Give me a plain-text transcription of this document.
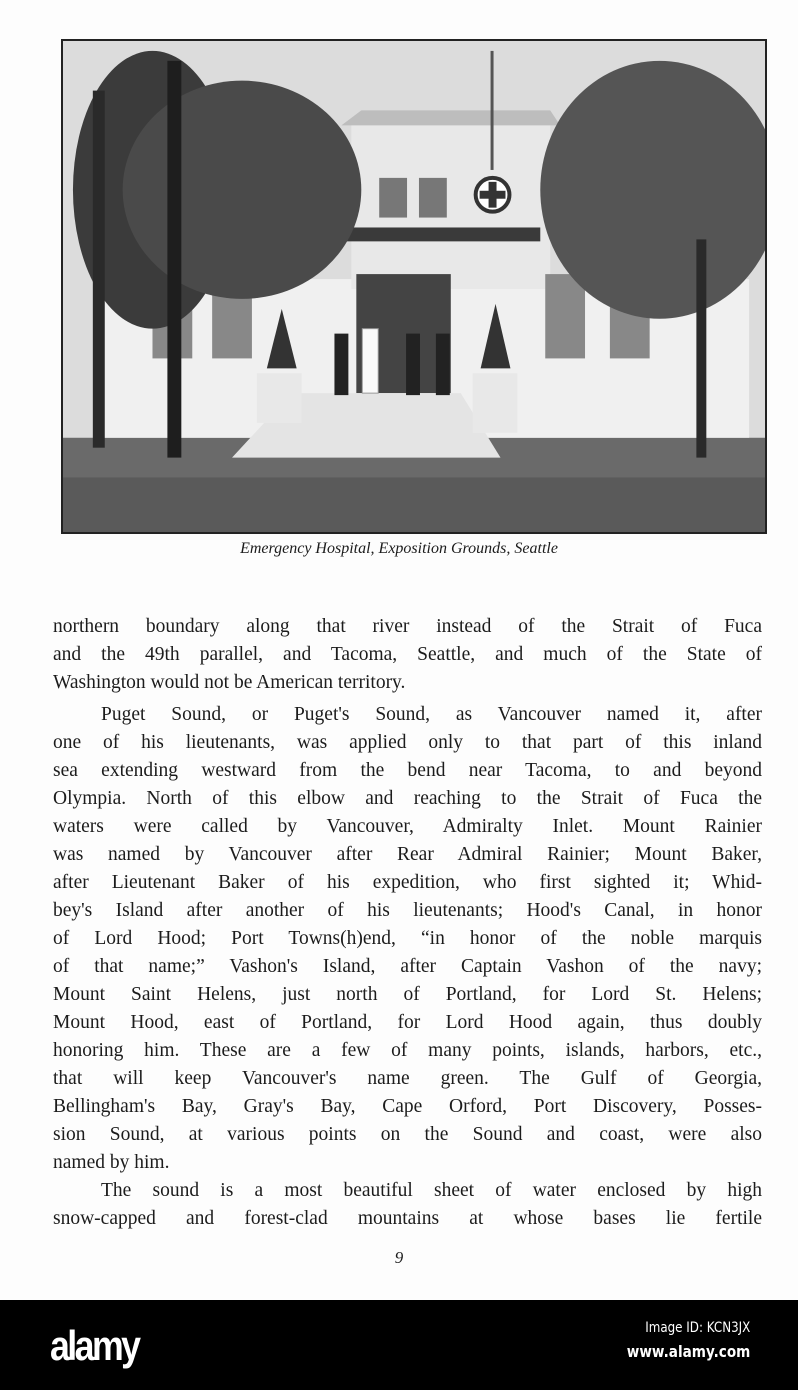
Emergency Hospital, Exposition Grounds, Seattle
northern boundary along that river instead of the Strait of Fuca
and the 49th parallel, and Tacoma, Seattle, and much of the State of
Washington would not be American territory.
Puget Sound, or Puget's Sound, as Vancouver named it, after
one of his lieutenants, was applied only to that part of this inland
sea extending westward from the bend near Tacoma, to and beyond
Olympia. North of this elbow and reaching to the Strait of Fuca the
waters were called by Vancouver, Admiralty Inlet. Mount Rainier
was named by Vancouver after Rear Admiral Rainier; Mount Baker,
after Lieutenant Baker of his expedition, who first sighted it; Whid-
bey's Island after another of his lieutenants; Hood's Canal, in honor
of Lord Hood; Port Towns(h)end, “in honor of the noble marquis
of that name;” Vashon's Island, after Captain Vashon of the navy;
Mount Saint Helens, just north of Portland, for Lord St. Helens;
Mount Hood, east of Portland, for Lord Hood again, thus doubly
honoring him. These are a few of many points, islands, harbors, etc.,
that will keep Vancouver's name green. The Gulf of Georgia,
Bellingham's Bay, Gray's Bay, Cape Orford, Port Discovery, Posses-
sion Sound, at various points on the Sound and coast, were also
named by him.
The sound is a most beautiful sheet of water enclosed by high
snow-capped and forest-clad mountains at whose bases lie fertile
9
alamy	Image ID: KCN3JX
www.alamy.com
